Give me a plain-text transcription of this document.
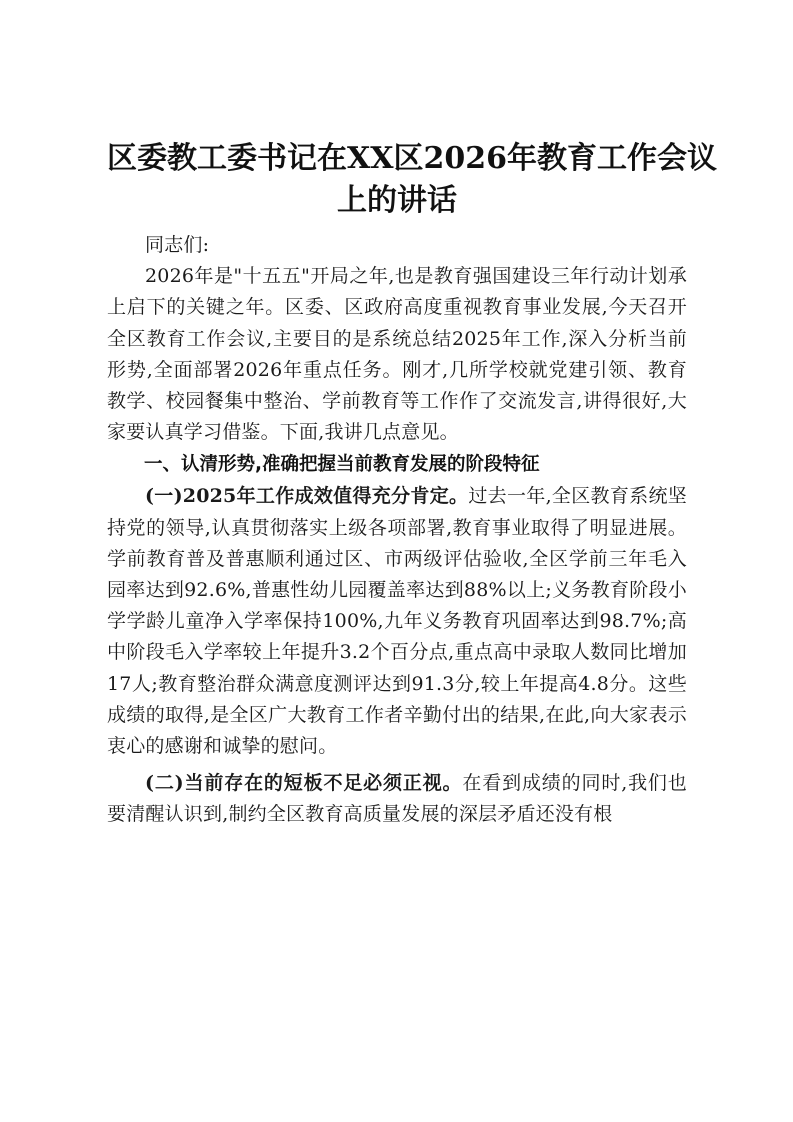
区委教工委书记在XX区2026年教育工作会议
上的讲话

同志们:

2026年是"十五五"开局之年,也是教育强国建设三年行动计划承上启下的关键之年。区委、区政府高度重视教育事业发展,今天召开全区教育工作会议,主要目的是系统总结2025年工作,深入分析当前形势,全面部署2026年重点任务。刚才,几所学校就党建引领、教育教学、校园餐集中整治、学前教育等工作作了交流发言,讲得很好,大家要认真学习借鉴。下面,我讲几点意见。

一、认清形势,准确把握当前教育发展的阶段特征

(一)2025年工作成效值得充分肯定。过去一年,全区教育系统坚持党的领导,认真贯彻落实上级各项部署,教育事业取得了明显进展。学前教育普及普惠顺利通过区、市两级评估验收,全区学前三年毛入园率达到92.6%,普惠性幼儿园覆盖率达到88%以上;义务教育阶段小学学龄儿童净入学率保持100%,九年义务教育巩固率达到98.7%;高中阶段毛入学率较上年提升3.2个百分点,重点高中录取人数同比增加17人;教育整治群众满意度测评达到91.3分,较上年提高4.8分。这些成绩的取得,是全区广大教育工作者辛勤付出的结果,在此,向大家表示衷心的感谢和诚挚的慰问。

(二)当前存在的短板不足必须正视。在看到成绩的同时,我们也要清醒认识到,制约全区教育高质量发展的深层矛盾还没有根
